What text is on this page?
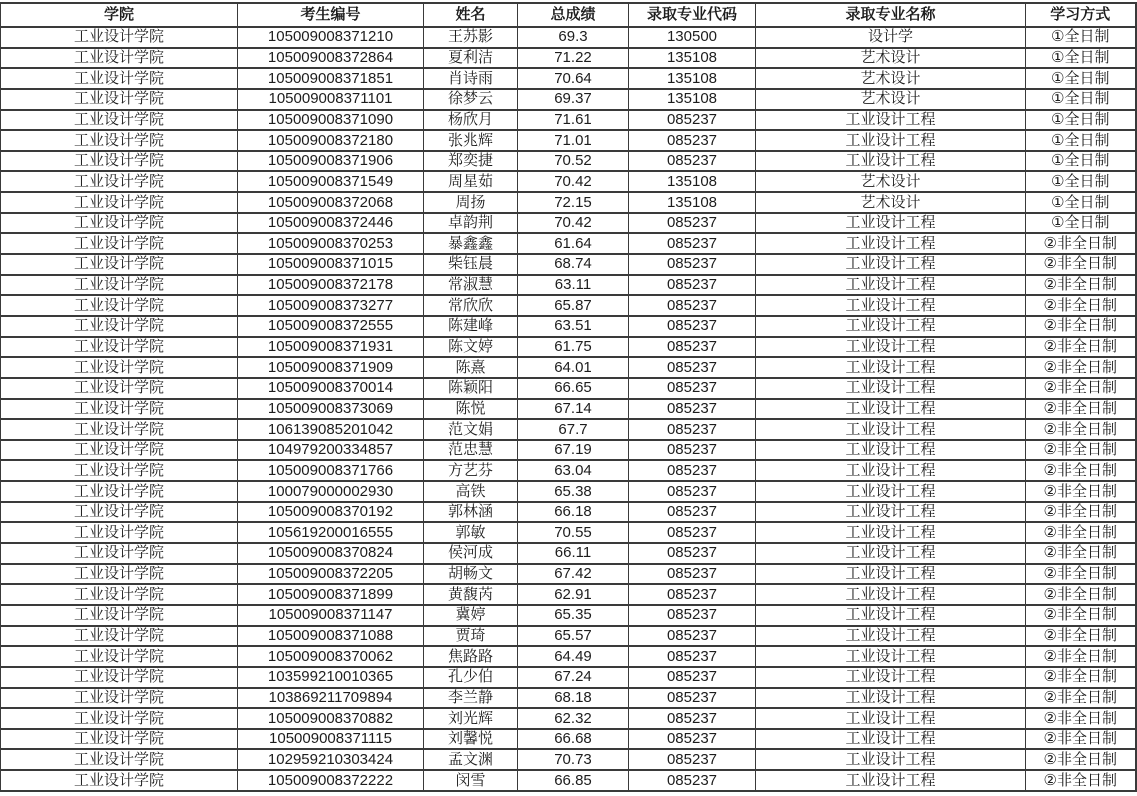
学院	考生编号	姓名	总成绩	录取专业代码	录取专业名称	学习方式
工业设计学院	105009008371210	王苏影	69.3	130500	设计学	①全日制
工业设计学院	105009008372864	夏利洁	71.22	135108	艺术设计	①全日制
工业设计学院	105009008371851	肖诗雨	70.64	135108	艺术设计	①全日制
工业设计学院	105009008371101	徐梦云	69.37	135108	艺术设计	①全日制
工业设计学院	105009008371090	杨欣月	71.61	085237	工业设计工程	①全日制
工业设计学院	105009008372180	张兆辉	71.01	085237	工业设计工程	①全日制
工业设计学院	105009008371906	郑奕捷	70.52	085237	工业设计工程	①全日制
工业设计学院	105009008371549	周星茹	70.42	135108	艺术设计	①全日制
工业设计学院	105009008372068	周扬	72.15	135108	艺术设计	①全日制
工业设计学院	105009008372446	卓韵荆	70.42	085237	工业设计工程	①全日制
工业设计学院	105009008370253	暴鑫鑫	61.64	085237	工业设计工程	②非全日制
工业设计学院	105009008371015	柴钰晨	68.74	085237	工业设计工程	②非全日制
工业设计学院	105009008372178	常淑慧	63.11	085237	工业设计工程	②非全日制
工业设计学院	105009008373277	常欣欣	65.87	085237	工业设计工程	②非全日制
工业设计学院	105009008372555	陈建峰	63.51	085237	工业设计工程	②非全日制
工业设计学院	105009008371931	陈文婷	61.75	085237	工业设计工程	②非全日制
工业设计学院	105009008371909	陈熹	64.01	085237	工业设计工程	②非全日制
工业设计学院	105009008370014	陈颖阳	66.65	085237	工业设计工程	②非全日制
工业设计学院	105009008373069	陈悦	67.14	085237	工业设计工程	②非全日制
工业设计学院	106139085201042	范文娟	67.7	085237	工业设计工程	②非全日制
工业设计学院	104979200334857	范忠慧	67.19	085237	工业设计工程	②非全日制
工业设计学院	105009008371766	方艺芬	63.04	085237	工业设计工程	②非全日制
工业设计学院	100079000002930	高铁	65.38	085237	工业设计工程	②非全日制
工业设计学院	105009008370192	郭林涵	66.18	085237	工业设计工程	②非全日制
工业设计学院	105619200016555	郭敏	70.55	085237	工业设计工程	②非全日制
工业设计学院	105009008370824	侯河成	66.11	085237	工业设计工程	②非全日制
工业设计学院	105009008372205	胡畅文	67.42	085237	工业设计工程	②非全日制
工业设计学院	105009008371899	黄馥芮	62.91	085237	工业设计工程	②非全日制
工业设计学院	105009008371147	冀婷	65.35	085237	工业设计工程	②非全日制
工业设计学院	105009008371088	贾琦	65.57	085237	工业设计工程	②非全日制
工业设计学院	105009008370062	焦路路	64.49	085237	工业设计工程	②非全日制
工业设计学院	103599210010365	孔少伯	67.24	085237	工业设计工程	②非全日制
工业设计学院	103869211709894	李兰静	68.18	085237	工业设计工程	②非全日制
工业设计学院	105009008370882	刘光辉	62.32	085237	工业设计工程	②非全日制
工业设计学院	105009008371115	刘馨悦	66.68	085237	工业设计工程	②非全日制
工业设计学院	102959210303424	孟文渊	70.73	085237	工业设计工程	②非全日制
工业设计学院	105009008372222	闵雪	66.85	085237	工业设计工程	②非全日制
